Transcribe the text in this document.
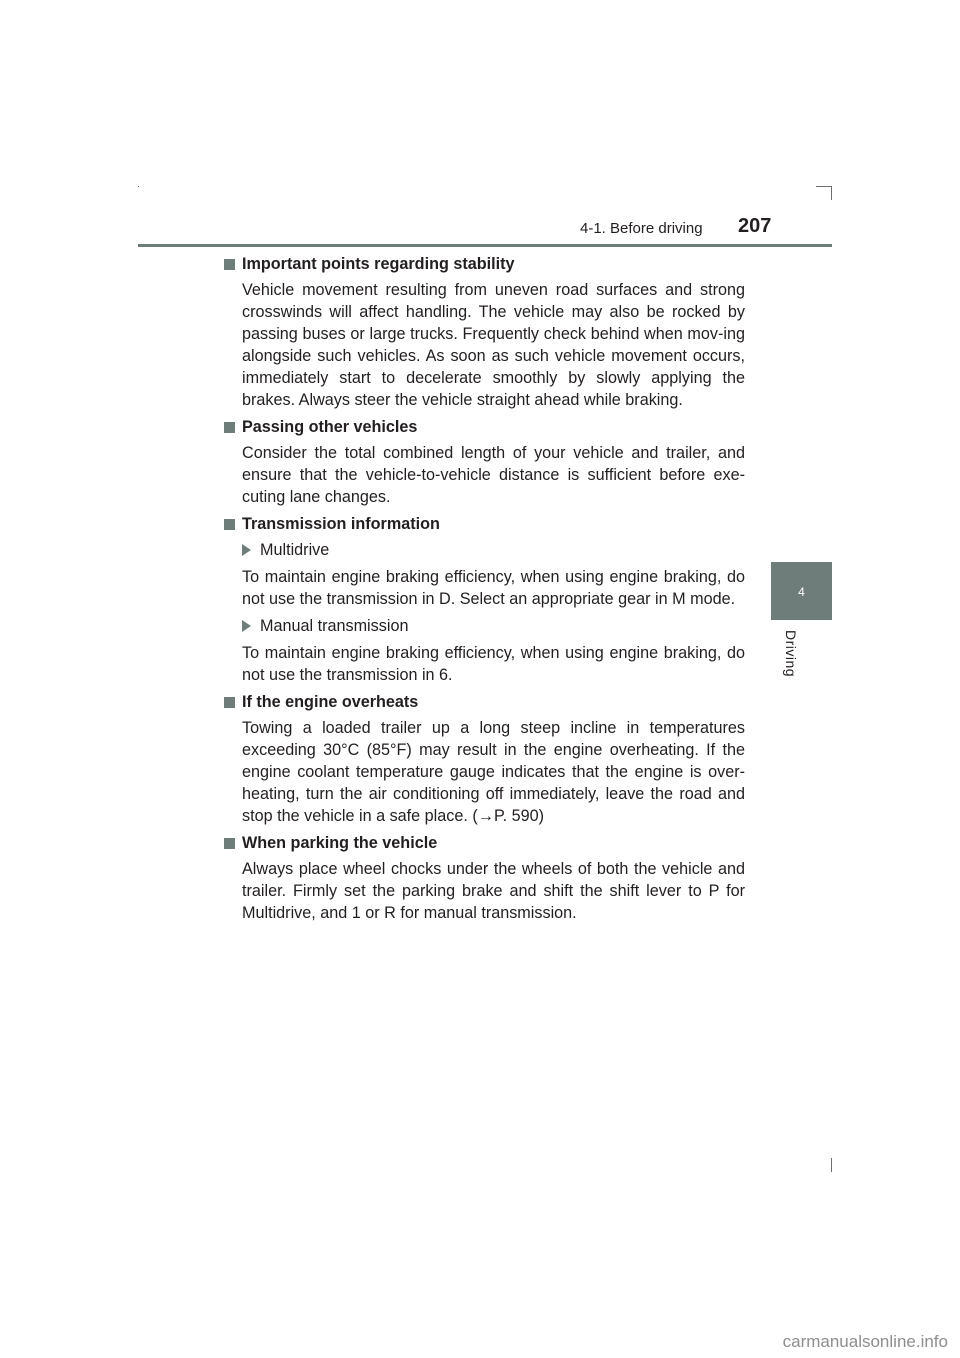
4-1. Before driving 207
4
Driving
Important points regarding stability
Vehicle movement resulting from uneven road surfaces and strong crosswinds will affect handling. The vehicle may also be rocked by passing buses or large trucks. Frequently check behind when mov-ing alongside such vehicles. As soon as such vehicle movement occurs, immediately start to decelerate smoothly by slowly applying the brakes. Always steer the vehicle straight ahead while braking.
Passing other vehicles
Consider the total combined length of your vehicle and trailer, and ensure that the vehicle-to-vehicle distance is sufficient before exe-cuting lane changes.
Transmission information
Multidrive
To maintain engine braking efficiency, when using engine braking, do not use the transmission in D. Select an appropriate gear in M mode.
Manual transmission
To maintain engine braking efficiency, when using engine braking, do not use the transmission in 6.
If the engine overheats
Towing a loaded trailer up a long steep incline in temperatures exceeding 30°C (85°F) may result in the engine overheating. If the engine coolant temperature gauge indicates that the engine is over-heating, turn the air conditioning off immediately, leave the road and stop the vehicle in a safe place. (→P. 590)
When parking the vehicle
Always place wheel chocks under the wheels of both the vehicle and trailer. Firmly set the parking brake and shift the shift lever to P for Multidrive, and 1 or R for manual transmission.
carmanualsonline.info
